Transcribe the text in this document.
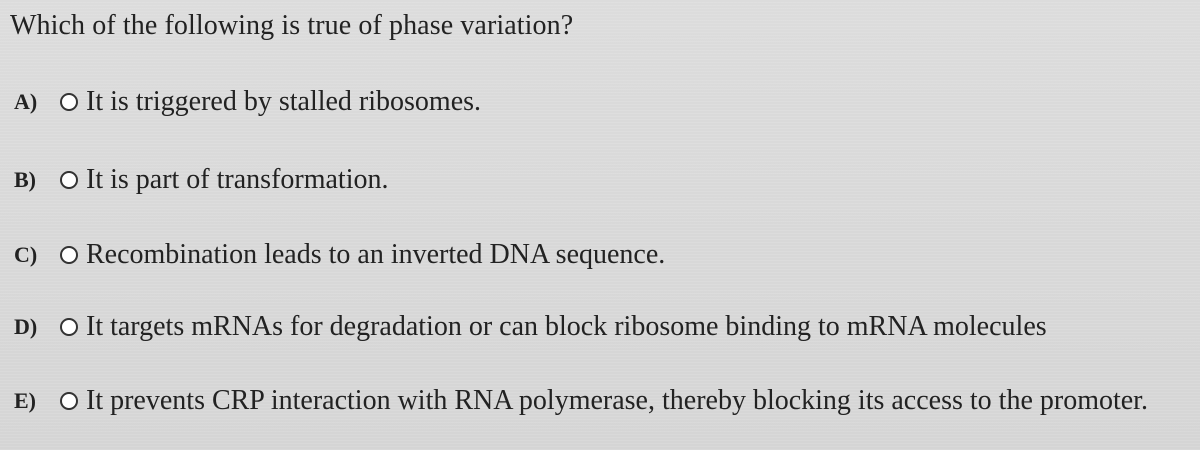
Which of the following is true of phase variation?
A)	It is triggered by stalled ribosomes.
B)	It is part of transformation.
C)	Recombination leads to an inverted DNA sequence.
D)	It targets mRNAs for degradation or can block ribosome binding to mRNA molecules
E)	It prevents CRP interaction with RNA polymerase, thereby blocking its access to the promoter.
